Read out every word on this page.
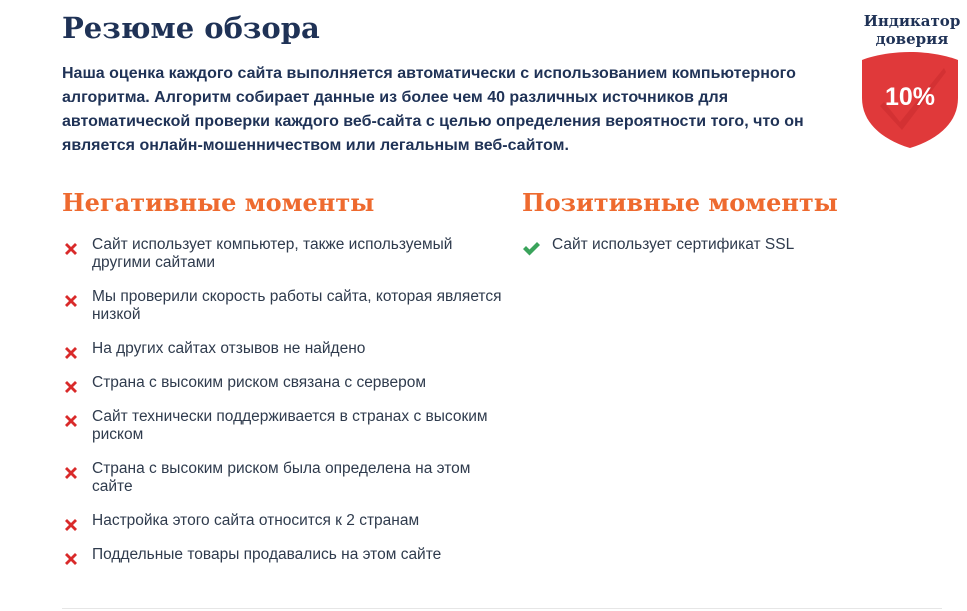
Резюме обзора

Наша оценка каждого сайта выполняется автоматически с использованием компьютерного алгоритма. Алгоритм собирает данные из более чем 40 различных источников для автоматической проверки каждого веб-сайта с целью определения вероятности того, что он является онлайн-мошенничеством или легальным веб-сайтом.

Индикатор доверия
10%
Негативные моменты
Сайт использует компьютер, также используемый другими сайтами
Мы проверили скорость работы сайта, которая является низкой
На других сайтах отзывов не найдено
Страна с высоким риском связана с сервером
Сайт технически поддерживается в странах с высоким риском
Страна с высоким риском была определена на этом сайте
Настройка этого сайта относится к 2 странам
Поддельные товары продавались на этом сайте
Позитивные моменты
Сайт использует сертификат SSL
